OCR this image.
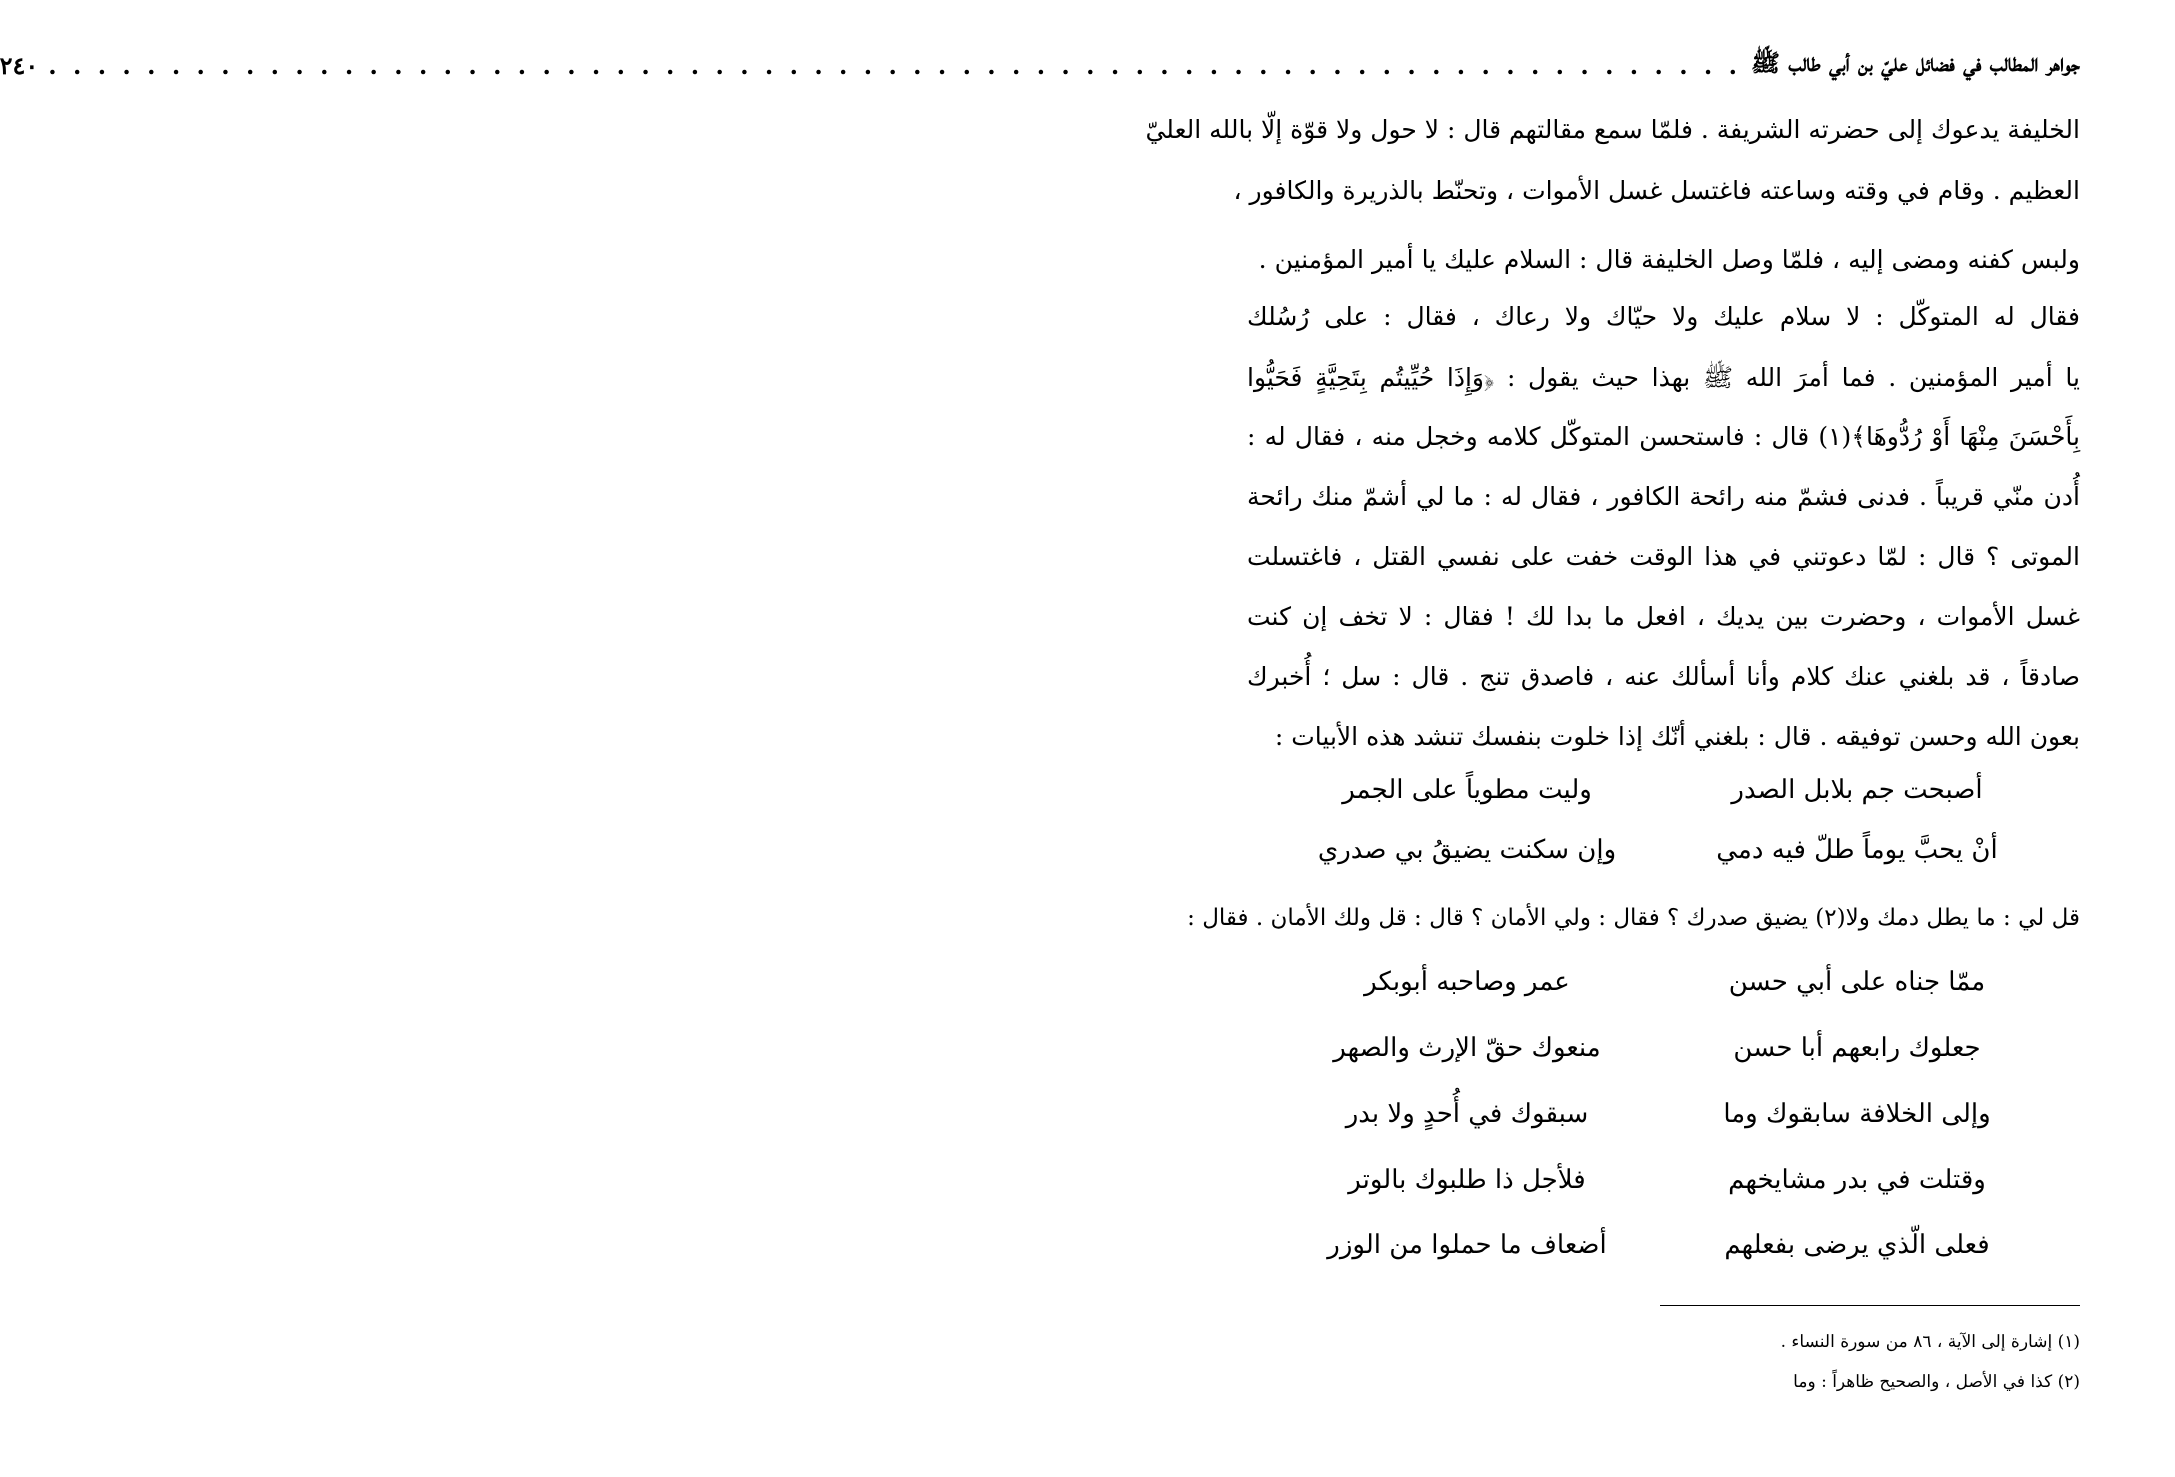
جواهر المطالب في فضائل عليّ بن أبي طالب ﷺ
. . .
٢٤٠
الخليفة يدعوك إلى حضرته الشريفة . فلمّا سمع مقالتهم قال : لا حول ولا قوّة إلّا بالله العليّ
العظيم . وقام في وقته وساعته فاغتسل غسل الأموات ، وتحنّط بالذريرة والكافور ،
ولبس كفنه ومضى إليه ، فلمّا وصل الخليفة قال : السلام عليك يا أمير المؤمنين .
فقال له المتوكّل : لا سلام عليك ولا حيّاك ولا رعاك ، فقال : على رُسُلك
يا أمير المؤمنين . فما أمرَ الله ﷺ بهذا حيث يقول : ﴿وَإِذَا حُيِّيتُم بِتَحِيَّةٍ فَحَيُّوا
بِأَحْسَنَ مِنْهَا أَوْ رُدُّوهَا﴾(١) قال : فاستحسن المتوكّل كلامه وخجل منه ، فقال له :
أُدن منّي قريباً . فدنى فشمّ منه رائحة الكافور ، فقال له : ما لي أشمّ منك رائحة
الموتى ؟ قال : لمّا دعوتني في هذا الوقت خفت على نفسي القتل ، فاغتسلت
غسل الأموات ، وحضرت بين يديك ، افعل ما بدا لك ! فقال : لا تخف إن كنت
صادقاً ، قد بلغني عنك كلام وأنا أسألك عنه ، فاصدق تنج . قال : سل ؛ أُخبرك
بعون الله وحسن توفيقه . قال : بلغني أنّك إذا خلوت بنفسك تنشد هذه الأبيات :
أصبحت جم بلابل الصدر
وليت مطوياً على الجمر
أنْ يحبَّ يوماً طلّ فيه دمي
وإن سكنت يضيقُ بي صدري
قل لي : ما يطل دمك ولا(٢) يضيق صدرك ؟ فقال : ولي الأمان ؟ قال : قل ولك الأمان . فقال :
ممّا جناه على أبي حسن
عمر وصاحبه أبوبكر
جعلوك رابعهم أبا حسن
منعوك حقّ الإرث والصهر
وإلى الخلافة سابقوك وما
سبقوك في أُحدٍ ولا بدر
وقتلت في بدر مشايخهم
فلأجل ذا طلبوك بالوتر
فعلى الّذي يرضى بفعلهم
أضعاف ما حملوا من الوزر
(١) إشارة إلى الآية ، ٨٦ من سورة النساء .
(٢) كذا في الأصل ، والصحيح ظاهراً : وما
